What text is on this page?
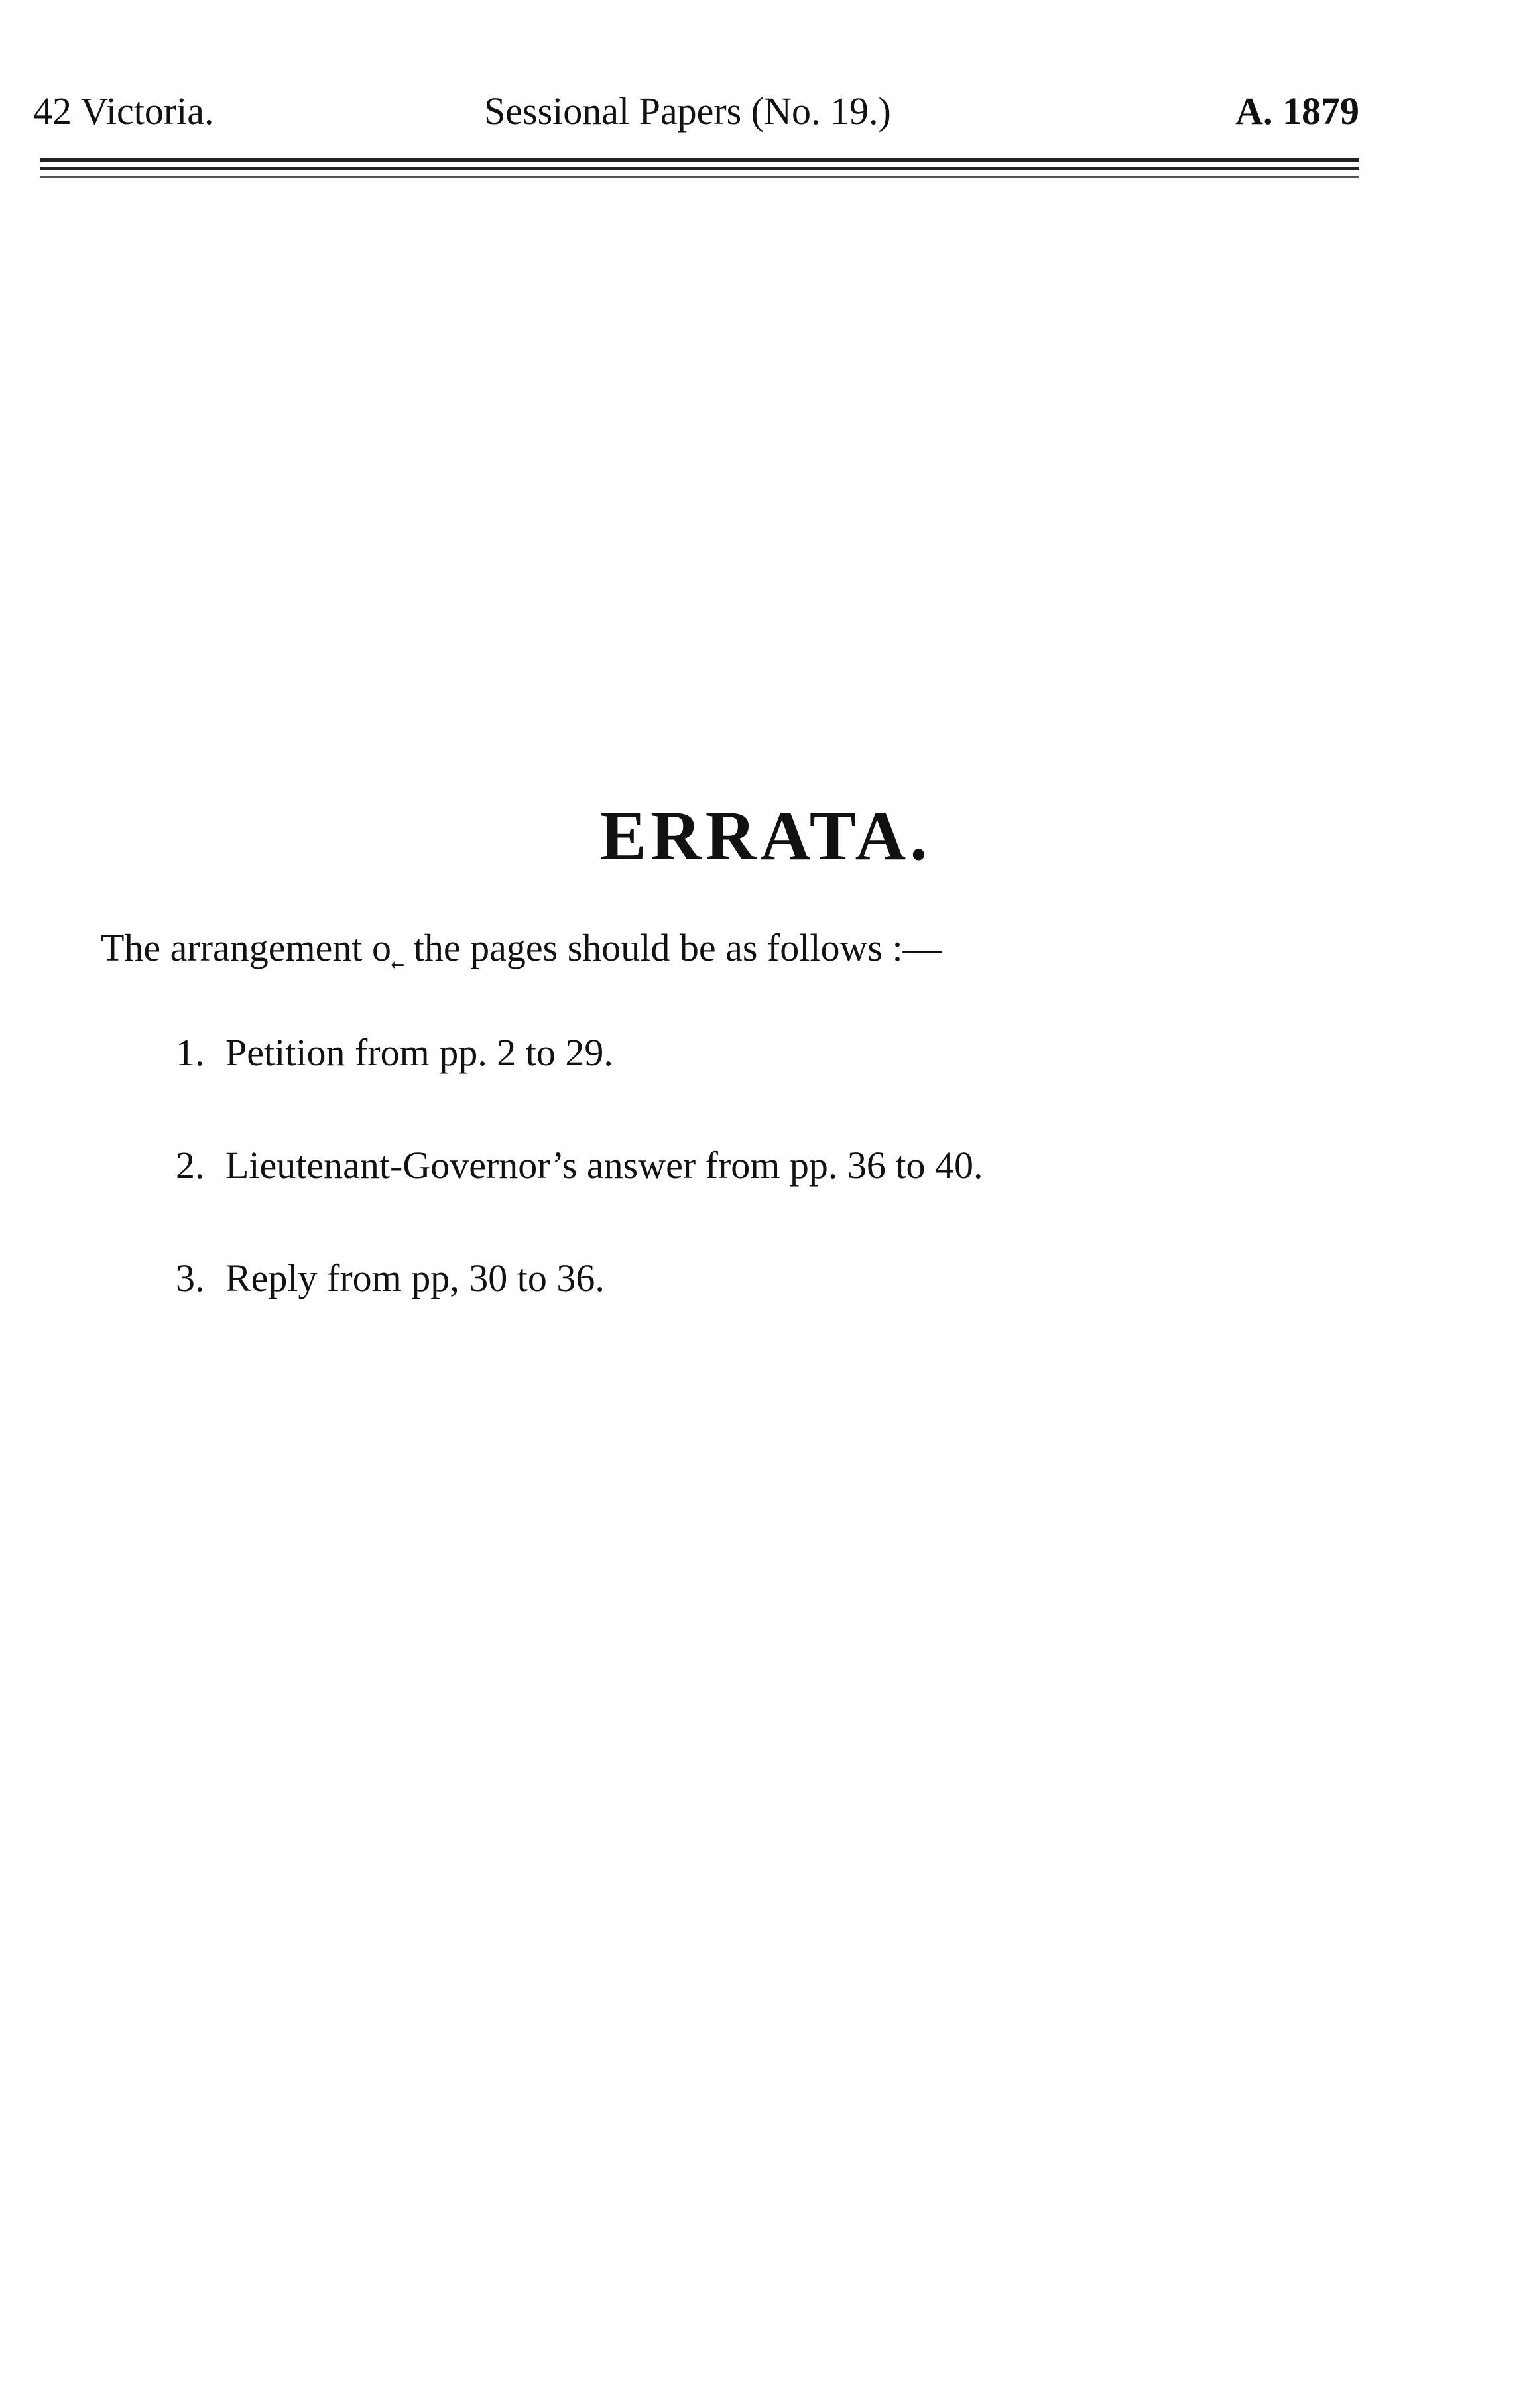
42 Victoria.	Sessional Papers (No. 19.)	A. 1879
ERRATA.

The arrangement o˿ the pages should be as follows :—

1. Petition from pp. 2 to 29.
2. Lieutenant-Governor’s answer from pp. 36 to 40.
3. Reply from pp, 30 to 36.
